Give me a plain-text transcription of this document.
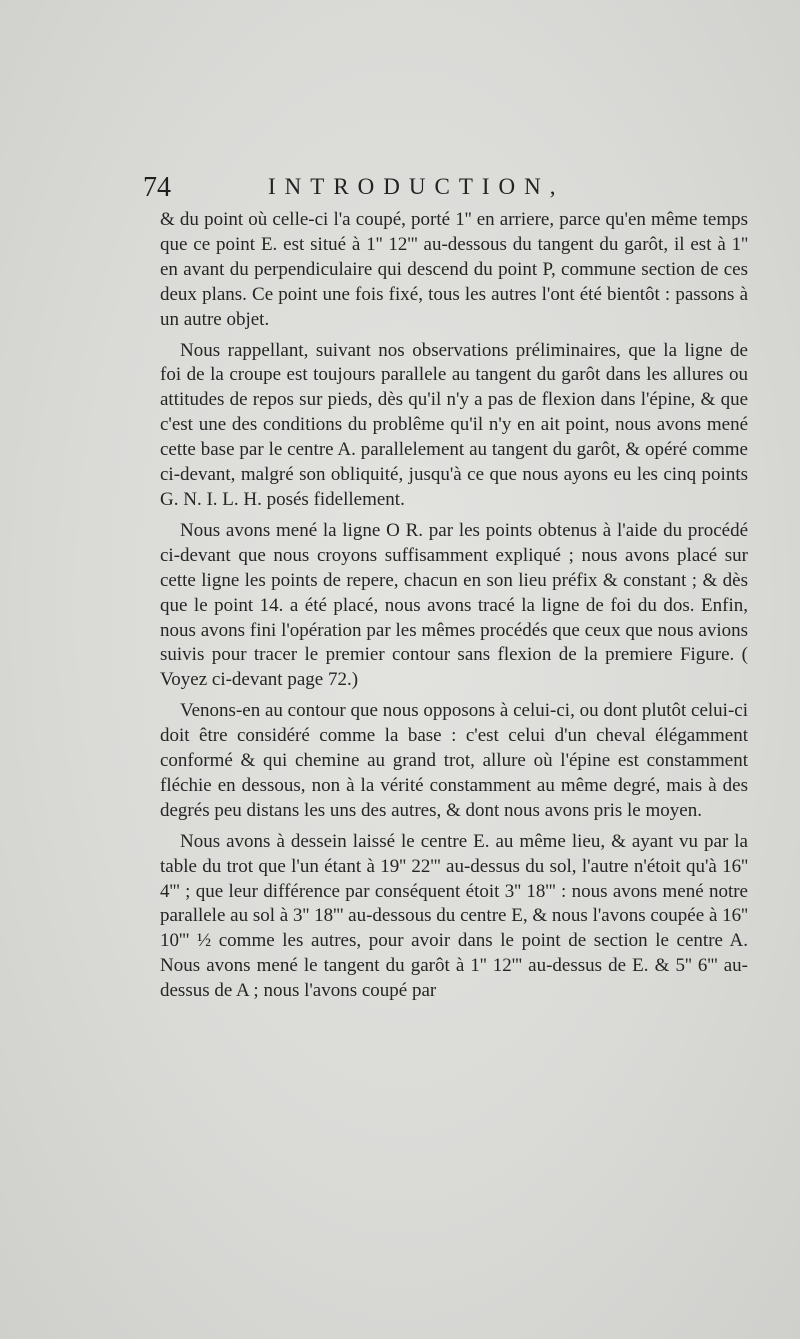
74	INTRODUCTION,

& du point où celle-ci l'a coupé, porté 1'' en arriere, parce qu'en même temps que ce point E. est situé à 1'' 12''' au-dessous du tangent du garôt, il est à 1'' en avant du perpendiculaire qui descend du point P, commune section de ces deux plans. Ce point une fois fixé, tous les autres l'ont été bientôt : passons à un autre objet.

Nous rappellant, suivant nos observations préliminaires, que la ligne de foi de la croupe est toujours parallele au tangent du garôt dans les allures ou attitudes de repos sur pieds, dès qu'il n'y a pas de flexion dans l'épine, & que c'est une des conditions du problême qu'il n'y en ait point, nous avons mené cette base par le centre A. parallelement au tangent du garôt, & opéré comme ci-devant, malgré son obliquité, jusqu'à ce que nous ayons eu les cinq points G. N. I. L. H. posés fidellement.

Nous avons mené la ligne O R. par les points obtenus à l'aide du procédé ci-devant que nous croyons suffisamment expliqué ; nous avons placé sur cette ligne les points de repere, chacun en son lieu préfix & constant ; & dès que le point 14. a été placé, nous avons tracé la ligne de foi du dos. Enfin, nous avons fini l'opération par les mêmes procédés que ceux que nous avions suivis pour tracer le premier contour sans flexion de la premiere Figure. ( Voyez ci-devant page 72.)

Venons-en au contour que nous opposons à celui-ci, ou dont plutôt celui-ci doit être considéré comme la base : c'est celui d'un cheval élégamment conformé & qui chemine au grand trot, allure où l'épine est constamment fléchie en dessous, non à la vérité constamment au même degré, mais à des degrés peu distans les uns des autres, & dont nous avons pris le moyen.

Nous avons à dessein laissé le centre E. au même lieu, & ayant vu par la table du trot que l'un étant à 19'' 22''' au-dessus du sol, l'autre n'étoit qu'à 16'' 4''' ; que leur différence par conséquent étoit 3'' 18''' : nous avons mené notre parallele au sol à 3'' 18''' au-dessous du centre E, & nous l'avons coupée à 16'' 10''' ½ comme les autres, pour avoir dans le point de section le centre A. Nous avons mené le tangent du garôt à 1'' 12''' au-dessus de E. & 5'' 6''' au-dessus de A ; nous l'avons coupé par
